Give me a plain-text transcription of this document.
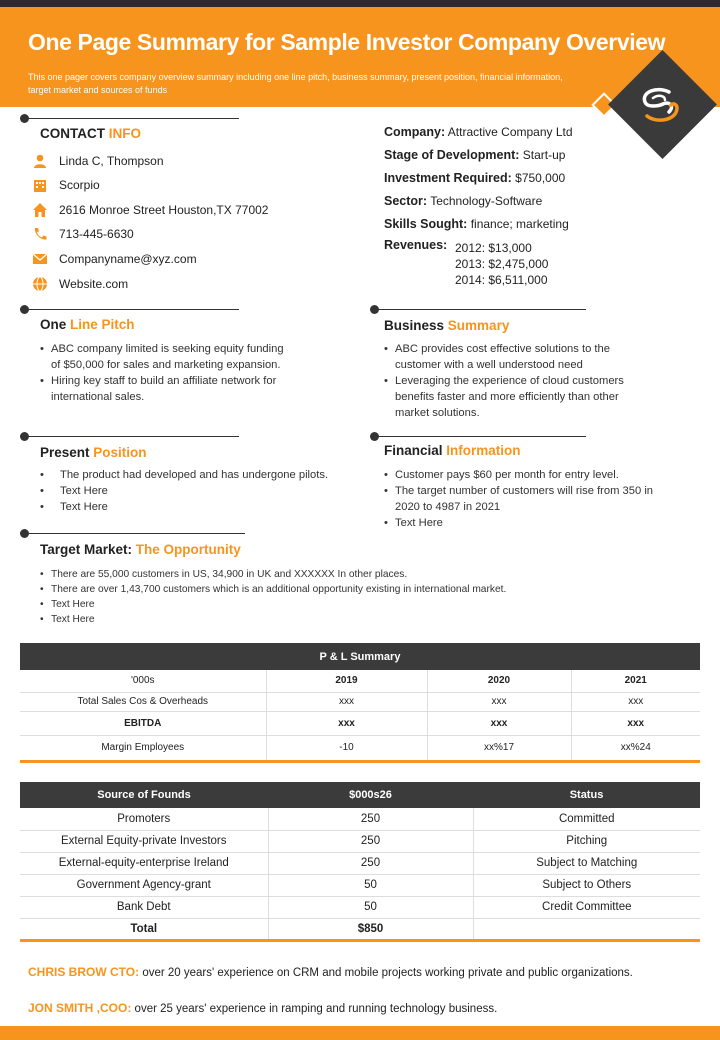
One Page Summary for Sample Investor Company Overview

This one pager covers company overview summary including one line pitch, business summary, present position, financial information, target market and sources of funds

CONTACT INFO
Linda C, Thompson
Scorpio
2616 Monroe Street Houston,TX 77002
713-445-6630
Companyname@xyz.com
Website.com
Company: Attractive Company Ltd
Stage of Development: Start-up
Investment Required: $750,000
Sector: Technology-Software
Skills Sought: finance; marketing
Revenues: 2012: $13,000
2013: $2,475,000
2014: $6,511,000
One Line Pitch
• ABC company limited is seeking equity funding of $50,000 for sales and marketing expansion.
• Hiring key staff to build an affiliate network for international sales.
Business Summary
• ABC provides cost effective solutions to the customer with a well understood need
• Leveraging the experience of cloud customers benefits faster and more efficiently than other market solutions.
Present Position
• The product had developed and has undergone pilots.
• Text Here
• Text Here
Financial Information
• Customer pays $60 per month for entry level.
• The target number of customers will rise from 350 in 2020 to 4987 in 2021
• Text Here
Target Market: The Opportunity
• There are 55,000 customers in US, 34,900 in UK and XXXXXX In other places.
• There are over 1,43,700 customers which is an additional opportunity existing in international market.
• Text Here
• Text Here
P & L Summary			
'000s	2019	2020	2021
Total Sales Cos & Overheads	xxx	xxx	xxx
EBITDA	xxx	xxx	xxx
Margin Employees	-10	xx%17	xx%24
Source of Founds	$000s26	Status
Promoters	250	Committed
External Equity-private Investors	250	Pitching
External-equity-enterprise Ireland	250	Subject to Matching
Government Agency-grant	50	Subject to Others
Bank Debt	50	Credit Committee
Total	$850	
CHRIS BROW CTO: over 20 years' experience on CRM and mobile projects working private and public organizations.
JON SMITH ,COO: over 25 years' experience in ramping and running technology business.
